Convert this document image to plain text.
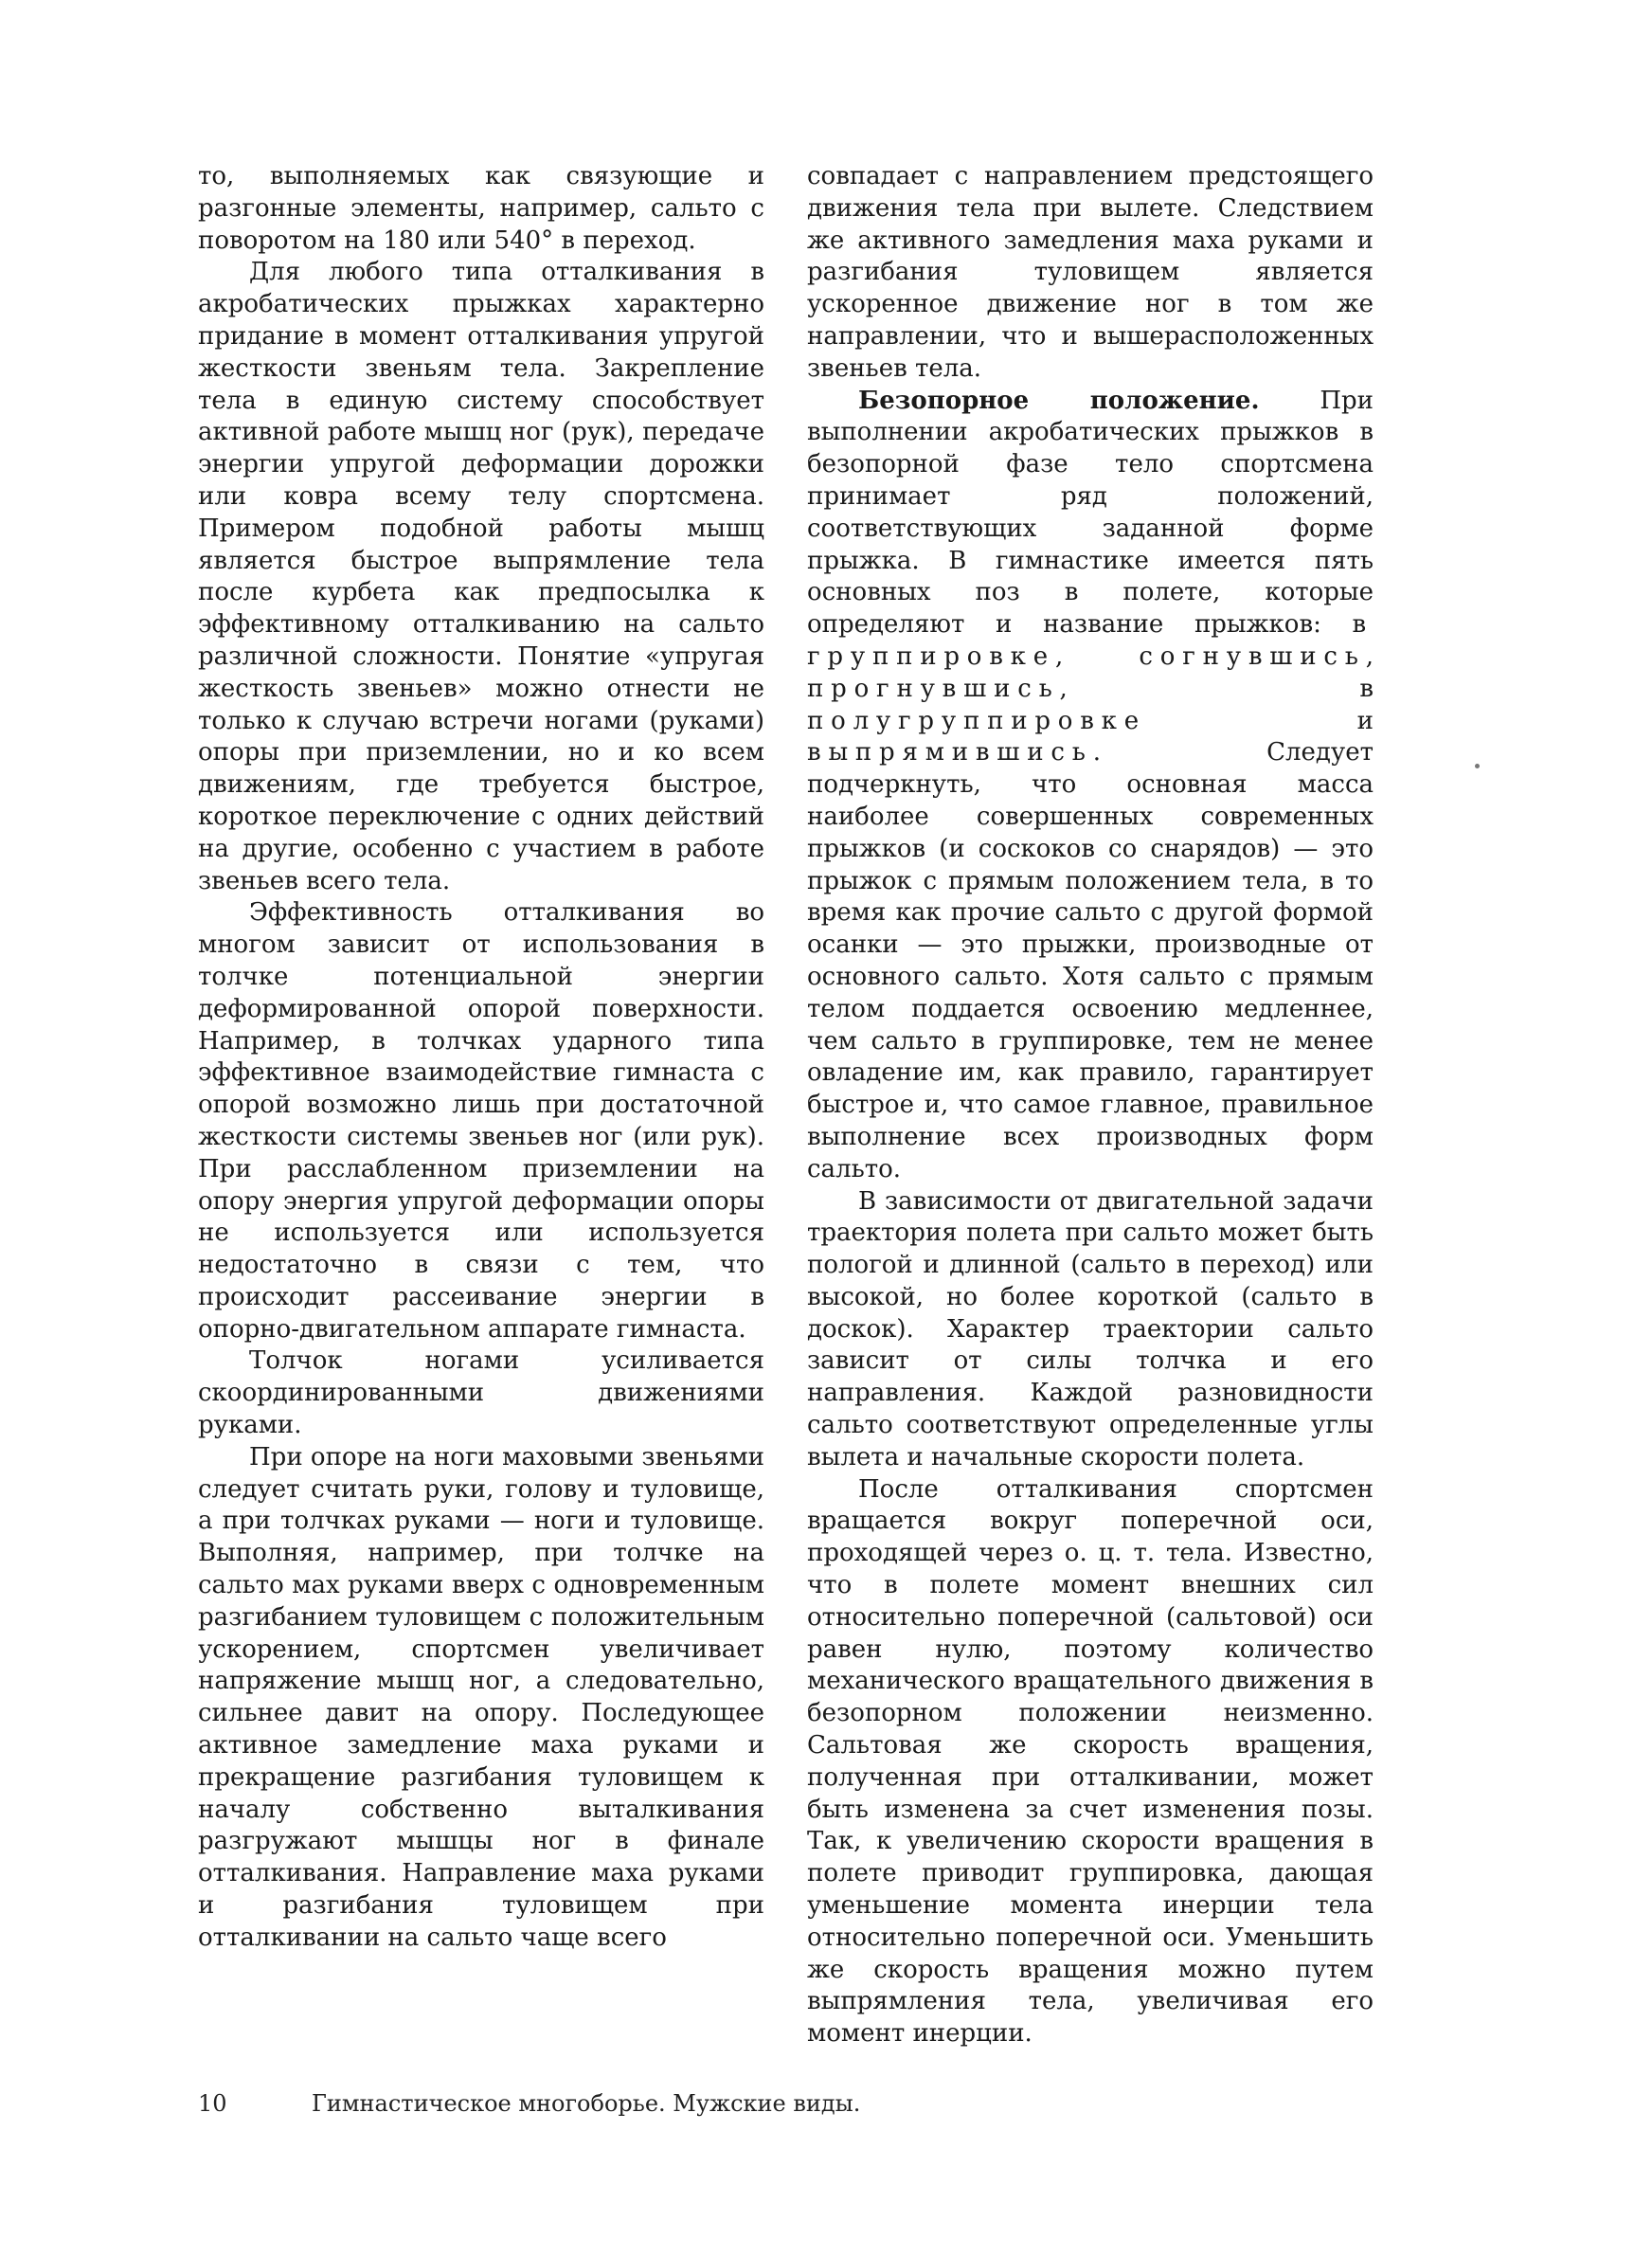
то, выполняемых как связующие и разгонные элементы, например, сальто с поворотом на 180 или 540° в переход.

Для любого типа отталкивания в акробатических прыжках характерно придание в момент отталкивания упругой жесткости звеньям тела. Закрепление тела в единую систему способствует активной работе мышц ног (рук), передаче энергии упругой деформации дорожки или ковра всему телу спортсмена. Примером подобной работы мышц является быстрое выпрямление тела после курбета как предпосылка к эффективному отталкиванию на сальто различной сложности. Понятие «упругая жесткость звеньев» можно отнести не только к случаю встречи ногами (руками) опоры при приземлении, но и ко всем движениям, где требуется быстрое, короткое переключение с одних действий на другие, особенно с участием в работе звеньев всего тела.

Эффективность отталкивания во многом зависит от использования в толчке потенциальной энергии деформированной опорой поверхности. Например, в толчках ударного типа эффективное взаимодействие гимнаста с опорой возможно лишь при достаточной жесткости системы звеньев ног (или рук). При расслабленном приземлении на опору энергия упругой деформации опоры не используется или используется недостаточно в связи с тем, что происходит рассеивание энергии в опорно-двигательном аппарате гимнаста.

Толчок ногами усиливается скоординированными движениями руками.

При опоре на ноги маховыми звеньями следует считать руки, голову и туловище, а при толчках руками — ноги и туловище. Выполняя, например, при толчке на сальто мах руками вверх с одновременным разгибанием туловищем с положительным ускорением, спортсмен увеличивает напряжение мышц ног, а следовательно, сильнее давит на опору. Последующее активное замедление маха руками и прекращение разгибания туловищем к началу собственно выталкивания разгружают мышцы ног в финале отталкивания. Направление маха руками и разгибания туловищем при отталкивании на сальто чаще всего

совпадает с направлением предстоящего движения тела при вылете. Следствием же активного замедления маха руками и разгибания туловищем является ускоренное движение ног в том же направлении, что и вышерасположенных звеньев тела.

Безопорное положение. При выполнении акробатических прыжков в безопорной фазе тело спортсмена принимает ряд положений, соответствующих заданной форме прыжка. В гимнастике имеется пять основных поз в полете, которые определяют и название прыжков: в группировке, согнувшись, прогнувшись, в полугруппировке и выпрямившись. Следует подчеркнуть, что основная масса наиболее совершенных современных прыжков (и соскоков со снарядов) — это прыжок с прямым положением тела, в то время как прочие сальто с другой формой осанки — это прыжки, производные от основного сальто. Хотя сальто с прямым телом поддается освоению медленнее, чем сальто в группировке, тем не менее овладение им, как правило, гарантирует быстрое и, что самое главное, правильное выполнение всех производных форм сальто.

В зависимости от двигательной задачи траектория полета при сальто может быть пологой и длинной (сальто в переход) или высокой, но более короткой (сальто в доскок). Характер траектории сальто зависит от силы толчка и его направления. Каждой разновидности сальто соответствуют определенные углы вылета и начальные скорости полета.

После отталкивания спортсмен вращается вокруг поперечной оси, проходящей через о. ц. т. тела. Известно, что в полете момент внешних сил относительно поперечной (сальтовой) оси равен нулю, поэтому количество механического вращательного движения в безопорном положении неизменно. Сальтовая же скорость вращения, полученная при отталкивании, может быть изменена за счет изменения позы. Так, к увеличению скорости вращения в полете приводит группировка, дающая уменьшение момента инерции тела относительно поперечной оси. Уменьшить же скорость вращения можно путем выпрямления тела, увеличивая его момент инерции.

10	Гимнастическое многоборье. Мужские виды.
